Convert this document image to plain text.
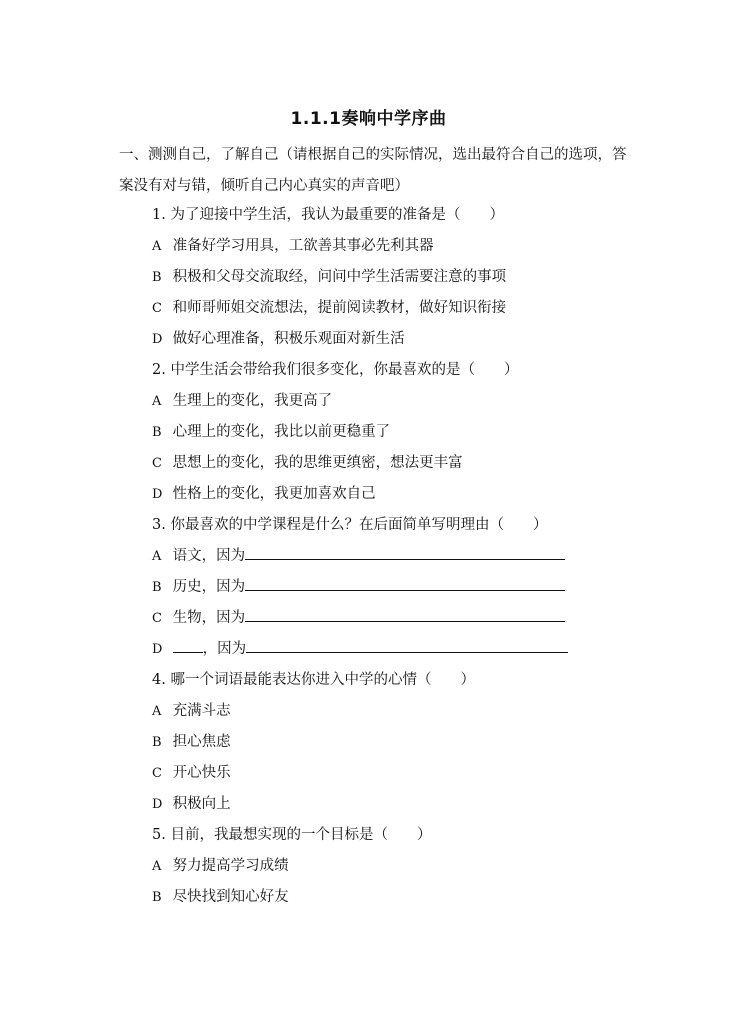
1.1.1奏响中学序曲
一、测测自己，了解自己（请根据自己的实际情况，选出最符合自己的选项，答案没有对与错，倾听自己内心真实的声音吧）
1. 为了迎接中学生活，我认为最重要的准备是（　　）
A 准备好学习用具，工欲善其事必先利其器
B 积极和父母交流取经，问问中学生活需要注意的事项
C 和师哥师姐交流想法，提前阅读教材，做好知识衔接
D 做好心理准备，积极乐观面对新生活
2. 中学生活会带给我们很多变化，你最喜欢的是（　　）
A 生理上的变化，我更高了
B 心理上的变化，我比以前更稳重了
C 思想上的变化，我的思维更缜密，想法更丰富
D 性格上的变化，我更加喜欢自己
3. 你最喜欢的中学课程是什么？在后面简单写明理由（　　）
A 语文，因为
B 历史，因为
C 生物，因为
D	，因为
4. 哪一个词语最能表达你进入中学的心情（　　）
A 充满斗志
B 担心焦虑
C 开心快乐
D 积极向上
5. 目前，我最想实现的一个目标是（　　）
A 努力提高学习成绩
B 尽快找到知心好友
